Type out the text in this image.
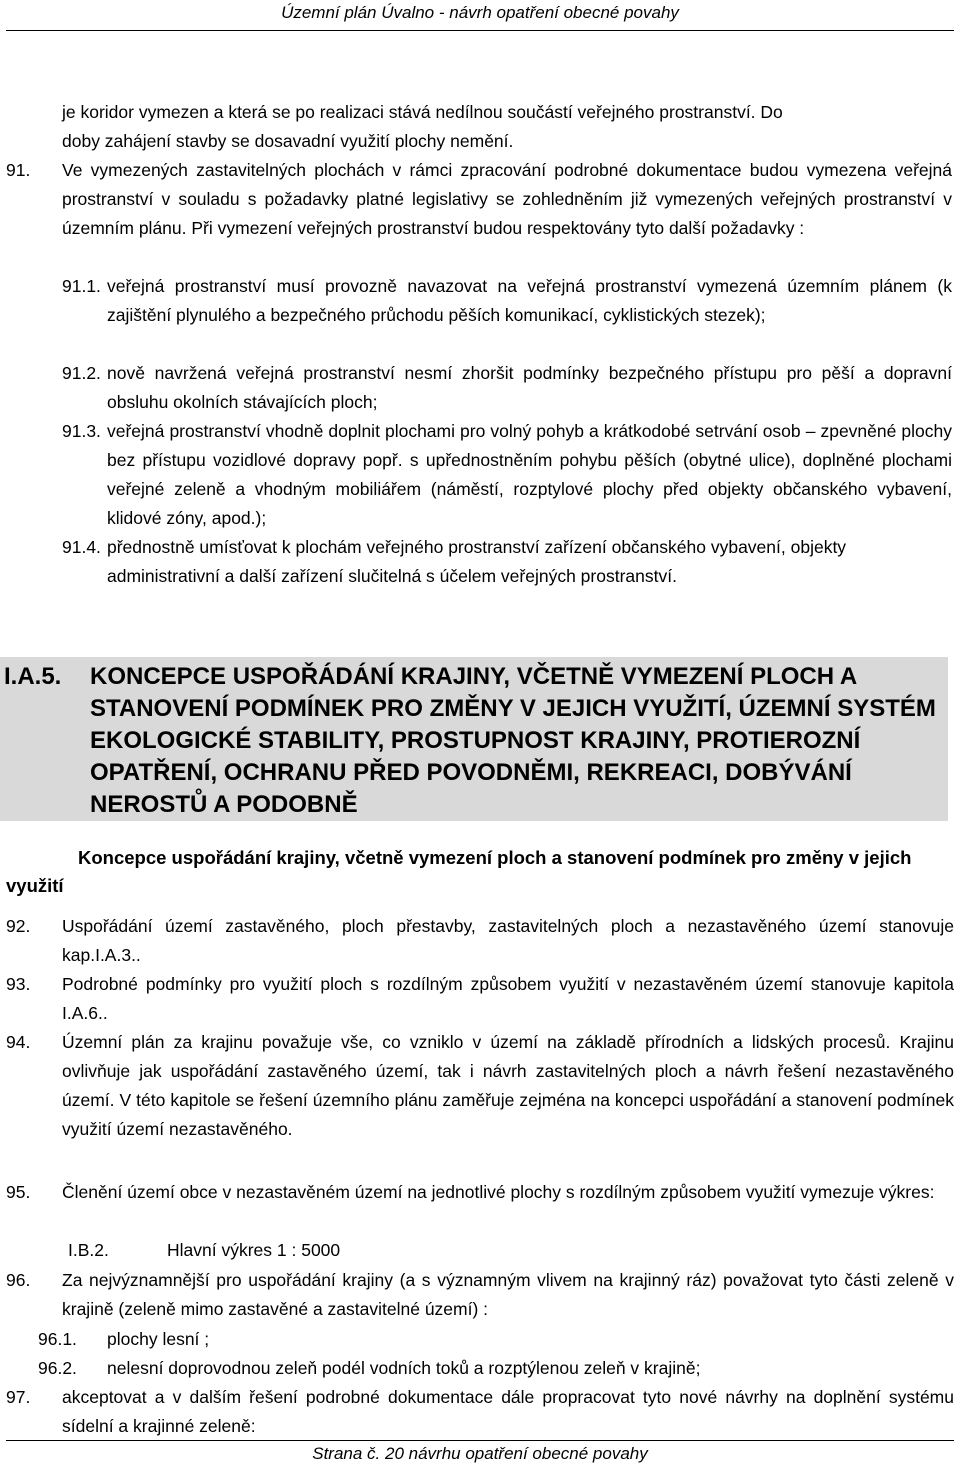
Územní plán Úvalno - návrh opatření obecné povahy
je koridor vymezen a která se po realizaci stává nedílnou součástí veřejného prostranství. Do
doby zahájení stavby se dosavadní využití plochy nemění.
91. Ve vymezených zastavitelných plochách v rámci zpracování podrobné dokumentace budou vymezena veřejná prostranství v souladu s požadavky platné legislativy se zohledněním již vymezených veřejných prostranství v územním plánu. Při vymezení veřejných prostranství budou respektovány tyto další požadavky :
91.1. veřejná prostranství musí provozně navazovat na veřejná prostranství vymezená územním plánem (k zajištění plynulého a bezpečného průchodu pěších komunikací, cyklistických stezek);
91.2. nově navržená veřejná prostranství nesmí zhoršit podmínky bezpečného přístupu pro pěší a dopravní obsluhu okolních stávajících ploch;
91.3. veřejná prostranství vhodně doplnit plochami pro volný pohyb a krátkodobé setrvání osob – zpevněné plochy bez přístupu vozidlové dopravy popř. s upřednostněním pohybu pěších (obytné ulice), doplněné plochami veřejné zeleně a vhodným mobiliářem (náměstí, rozptylové plochy před objekty občanského vybavení, klidové zóny, apod.);
91.4. přednostně umísťovat k plochám veřejného prostranství zařízení občanského vybavení, objekty administrativní a další zařízení slučitelná s účelem veřejných prostranství.
I.A.5. KONCEPCE USPOŘÁDÁNÍ KRAJINY, VČETNĚ VYMEZENÍ PLOCH A STANOVENÍ PODMÍNEK PRO ZMĚNY V JEJICH VYUŽITÍ, ÚZEMNÍ SYSTÉM EKOLOGICKÉ STABILITY, PROSTUPNOST KRAJINY, PROTIEROZNÍ OPATŘENÍ, OCHRANU PŘED POVODNĚMI, REKREACI, DOBÝVÁNÍ NEROSTŮ A PODOBNĚ
Koncepce uspořádání krajiny, včetně vymezení ploch a stanovení podmínek pro změny v jejich využití
92. Uspořádání území zastavěného, ploch přestavby, zastavitelných ploch a nezastavěného území stanovuje kap.I.A.3..
93. Podrobné podmínky pro využití ploch s rozdílným způsobem využití v nezastavěném území stanovuje kapitola I.A.6..
94. Územní plán za krajinu považuje vše, co vzniklo v území na základě přírodních a lidských procesů. Krajinu ovlivňuje jak uspořádání zastavěného území, tak i návrh zastavitelných ploch a návrh řešení nezastavěného území. V této kapitole se řešení územního plánu zaměřuje zejména na koncepci uspořádání a stanovení podmínek využití území nezastavěného.
95. Členění území obce v nezastavěném území na jednotlivé plochy s rozdílným způsobem využití vymezuje výkres:
I.B.2.	Hlavní výkres 1 : 5000
96. Za nejvýznamnější pro uspořádání krajiny (a s významným vlivem na krajinný ráz) považovat tyto části zeleně v krajině (zeleně mimo zastavěné a zastavitelné území) :
96.1. plochy lesní ;
96.2. nelesní doprovodnou zeleň podél vodních toků a rozptýlenou zeleň v krajině;
97. akceptovat a v dalším řešení podrobné dokumentace dále propracovat tyto nové návrhy na doplnění systému sídelní a krajinné zeleně:
Strana č. 20 návrhu opatření obecné povahy
